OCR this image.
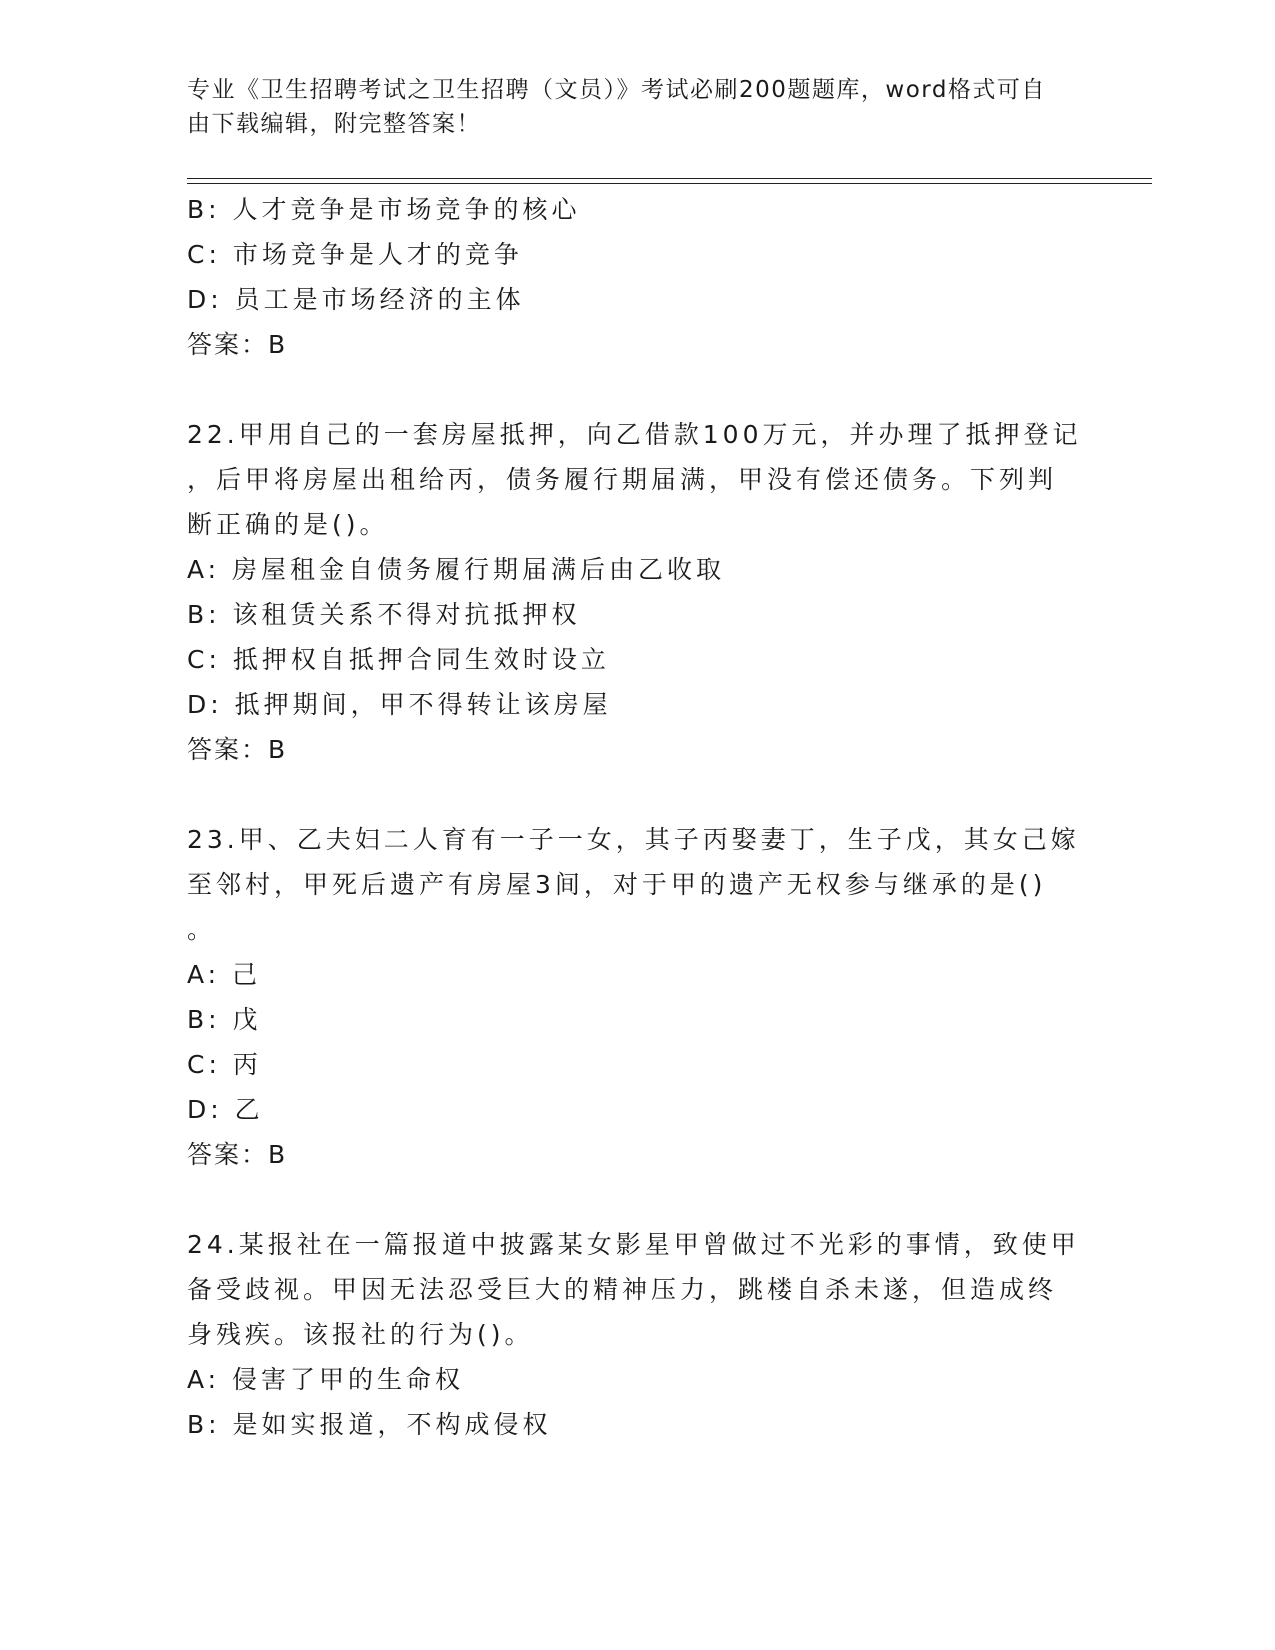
专业《卫生招聘考试之卫生招聘（文员）》考试必刷200题题库，word格式可自
由下载编辑，附完整答案！
B: 人才竞争是市场竞争的核心
C: 市场竞争是人才的竞争
D: 员工是市场经济的主体
答案：B
22.甲用自己的一套房屋抵押，向乙借款100万元，并办理了抵押登记
，后甲将房屋出租给丙，债务履行期届满，甲没有偿还债务。下列判
断正确的是()。
A: 房屋租金自债务履行期届满后由乙收取
B: 该租赁关系不得对抗抵押权
C: 抵押权自抵押合同生效时设立
D: 抵押期间，甲不得转让该房屋
答案：B
23.甲、乙夫妇二人育有一子一女，其子丙娶妻丁，生子戊，其女己嫁
至邻村，甲死后遗产有房屋3间，对于甲的遗产无权参与继承的是()
。
A: 己
B: 戊
C: 丙
D: 乙
答案：B
24.某报社在一篇报道中披露某女影星甲曾做过不光彩的事情，致使甲
备受歧视。甲因无法忍受巨大的精神压力，跳楼自杀未遂，但造成终
身残疾。该报社的行为()。
A: 侵害了甲的生命权
B: 是如实报道，不构成侵权
